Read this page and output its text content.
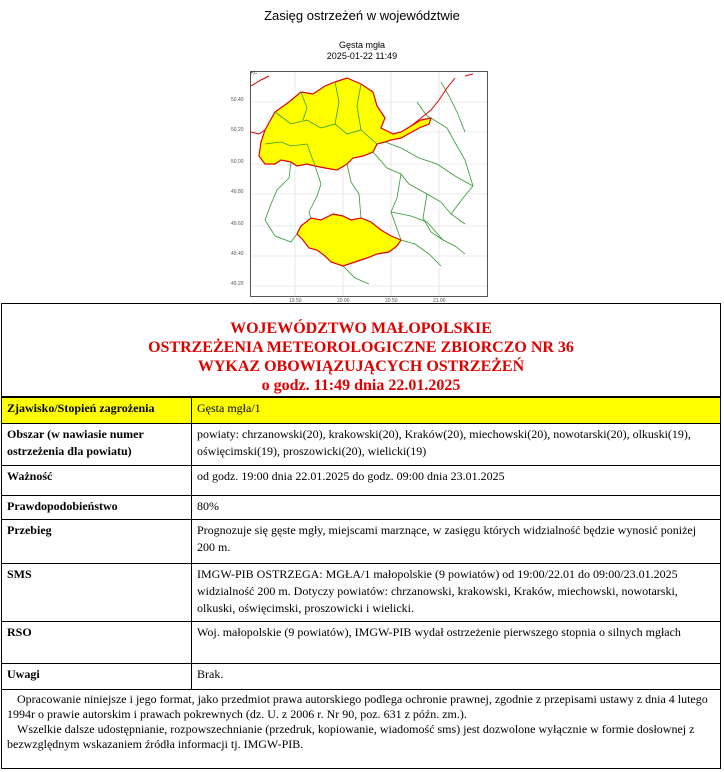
Zasięg ostrzeżeń w województwie
Gęsta mgła
2025-01-22 11:49
50.40
50.20
50.00
49.80
49.60
49.40
49.20
19.50	20.00	20.50	21.00
+/-
WOJEWÓDZTWO MAŁOPOLSKIE
OSTRZEŻENIA METEOROLOGICZNE ZBIORCZO NR 36
WYKAZ OBOWIĄZUJĄCYCH OSTRZEŻEŃ
o godz. 11:49 dnia 22.01.2025
Zjawisko/Stopień zagrożenia	Gęsta mgła/1
Obszar (w nawiasie numer ostrzeżenia dla powiatu)	powiaty: chrzanowski(20), krakowski(20), Kraków(20), miechowski(20), nowotarski(20), olkuski(19), oświęcimski(19), proszowicki(20), wielicki(19)
Ważność	od godz. 19:00 dnia 22.01.2025 do godz. 09:00 dnia 23.01.2025
Prawdopodobieństwo	80%
Przebieg	Prognozuje się gęste mgły, miejscami marznące, w zasięgu których widzialność będzie wynosić poniżej 200 m.
SMS	IMGW-PIB OSTRZEGA: MGŁA/1 małopolskie (9 powiatów) od 19:00/22.01 do 09:00/23.01.2025 widzialność 200 m. Dotyczy powiatów: chrzanowski, krakowski, Kraków, miechowski, nowotarski, olkuski, oświęcimski, proszowicki i wielicki.
RSO	Woj. małopolskie (9 powiatów), IMGW-PIB wydał ostrzeżenie pierwszego stopnia o silnych mgłach
Uwagi	Brak.
Opracowanie niniejsze i jego format, jako przedmiot prawa autorskiego podlega ochronie prawnej, zgodnie z przepisami ustawy z dnia 4 lutego 1994r o prawie autorskim i prawach pokrewnych (dz. U. z 2006 r. Nr 90, poz. 631 z późn. zm.).
Wszelkie dalsze udostępnianie, rozpowszechnianie (przedruk, kopiowanie, wiadomość sms) jest dozwolone wyłącznie w formie dosłownej z bezwzględnym wskazaniem źródła informacji tj. IMGW-PIB.
